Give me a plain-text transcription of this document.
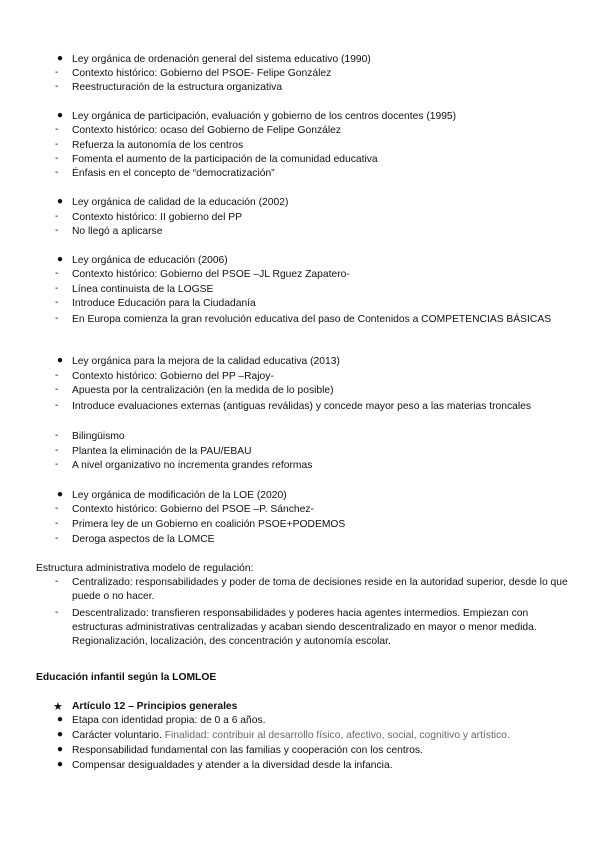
● Ley orgánica de ordenación general del sistema educativo (1990)
-	Contexto histórico: Gobierno del PSOE- Felipe González
-	Reestructuración de la estructura organizativa
● Ley orgánica de participación, evaluación y gobierno de los centros docentes (1995)
-	Contexto histórico: ocaso del Gobierno de Felipe González
-	Refuerza la autonomía de los centros
-	Fomenta el aumento de la participación de la comunidad educativa
-	Énfasis en el concepto de “democratización”
● Ley orgánica de calidad de la educación (2002)
-	Contexto histórico: II gobierno del PP
-	No llegó a aplicarse
● Ley orgánica de educación (2006)
-	Contexto histórico: Gobierno del PSOE –JL Rguez Zapatero-
-	Línea continuista de la LOGSE
-	Introduce Educación para la Ciudadanía
-	En Europa comienza la gran revolución educativa del paso de Contenidos a COMPETENCIAS BÁSICAS
● Ley orgánica para la mejora de la calidad educativa (2013)
-	Contexto histórico: Gobierno del PP –Rajoy-
-	Apuesta por la centralización (en la medida de lo posible)
-	Introduce evaluaciones externas (antiguas reválidas) y concede mayor peso a las materias troncales
-	Bilingüismo
-	Plantea la eliminación de la PAU/EBAU
-	A nivel organizativo no incrementa grandes reformas
● Ley orgánica de modificación de la LOE (2020)
-	Contexto histórico: Gobierno del PSOE –P. Sánchez-
-	Primera ley de un Gobierno en coalición PSOE+PODEMOS
-	Deroga aspectos de la LOMCE
Estructura administrativa modelo de regulación:
-	Centralizado: responsabilidades y poder de toma de decisiones reside en la autoridad superior, desde lo que puede o no hacer.
-	Descentralizado: transfieren responsabilidades y poderes hacia agentes intermedios. Empiezan con estructuras administrativas centralizadas y acaban siendo descentralizado en mayor o menor medida. Regionalización, localización, des concentración y autonomía escolar.
Educación infantil según la LOMLOE
★ Artículo 12 – Principios generales
● Etapa con identidad propia: de 0 a 6 años.
● Carácter voluntario. Finalidad: contribuir al desarrollo físico, afectivo, social, cognitivo y artístico.
● Responsabilidad fundamental con las familias y cooperación con los centros.
● Compensar desigualdades y atender a la diversidad desde la infancia.
